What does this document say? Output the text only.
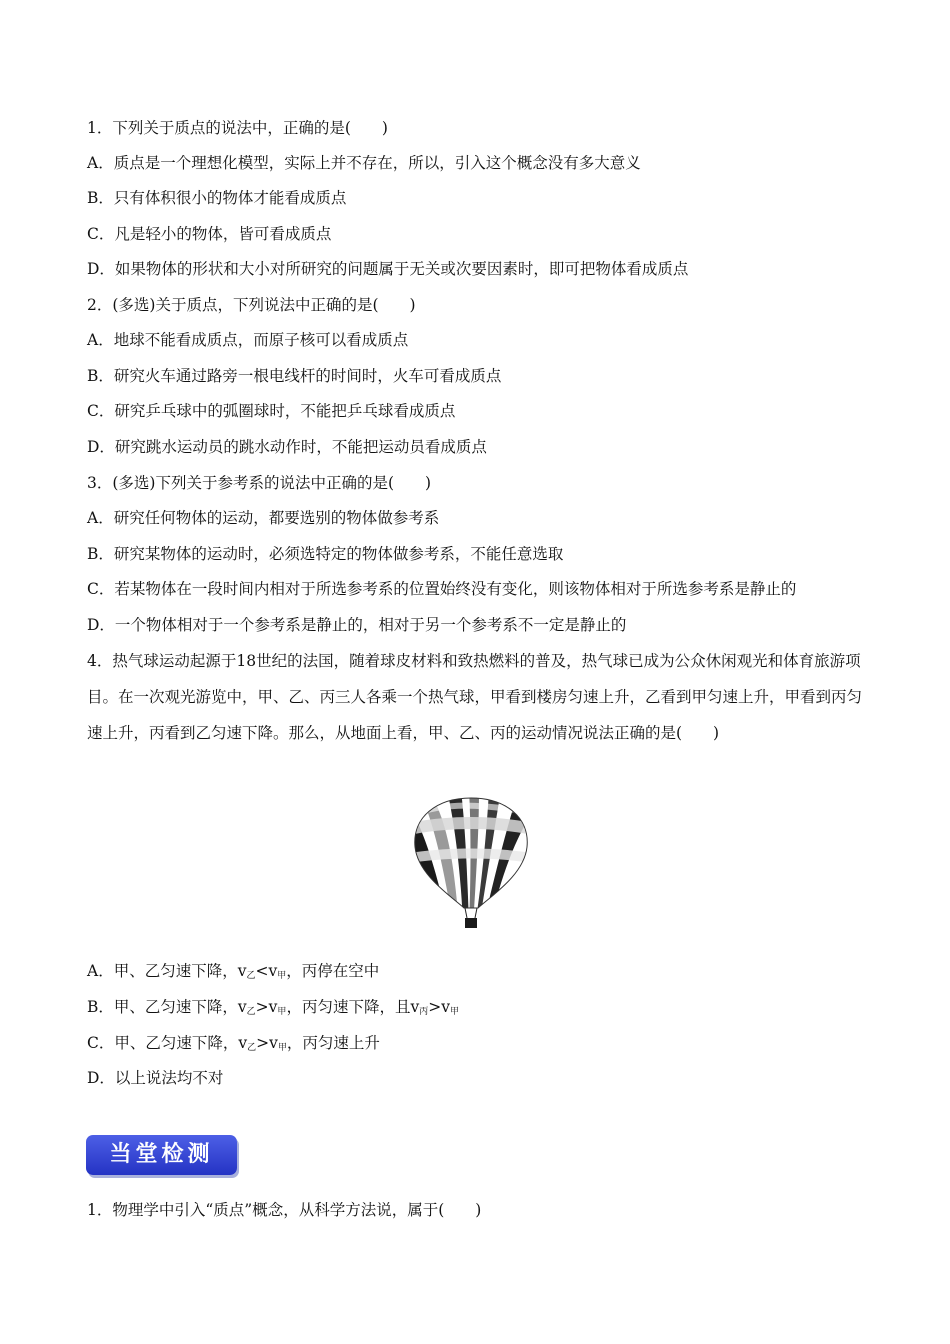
1．下列关于质点的说法中，正确的是(　　)
A．质点是一个理想化模型，实际上并不存在，所以，引入这个概念没有多大意义
B．只有体积很小的物体才能看成质点
C．凡是轻小的物体，皆可看成质点
D．如果物体的形状和大小对所研究的问题属于无关或次要因素时，即可把物体看成质点
2．(多选)关于质点，下列说法中正确的是(　　)
A．地球不能看成质点，而原子核可以看成质点
B．研究火车通过路旁一根电线杆的时间时，火车可看成质点
C．研究乒乓球中的弧圈球时，不能把乒乓球看成质点
D．研究跳水运动员的跳水动作时，不能把运动员看成质点
3．(多选)下列关于参考系的说法中正确的是(　　)
A．研究任何物体的运动，都要选别的物体做参考系
B．研究某物体的运动时，必须选特定的物体做参考系，不能任意选取
C．若某物体在一段时间内相对于所选参考系的位置始终没有变化，则该物体相对于所选参考系是静止的
D．一个物体相对于一个参考系是静止的，相对于另一个参考系不一定是静止的
4．热气球运动起源于18世纪的法国，随着球皮材料和致热燃料的普及，热气球已成为公众休闲观光和体育旅游项目。在一次观光游览中，甲、乙、丙三人各乘一个热气球，甲看到楼房匀速上升，乙看到甲匀速上升，甲看到丙匀速上升，丙看到乙匀速下降。那么，从地面上看，甲、乙、丙的运动情况说法正确的是(　　)
A．甲、乙匀速下降，$v_乙<v_甲$，丙停在空中
B．甲、乙匀速下降，$v_乙>v_甲$，丙匀速下降，且$v_丙>v_甲$
C．甲、乙匀速下降，$v_乙>v_甲$，丙匀速上升
D．以上说法均不对
当堂检测
1．物理学中引入“质点”概念，从科学方法说，属于(　　)
